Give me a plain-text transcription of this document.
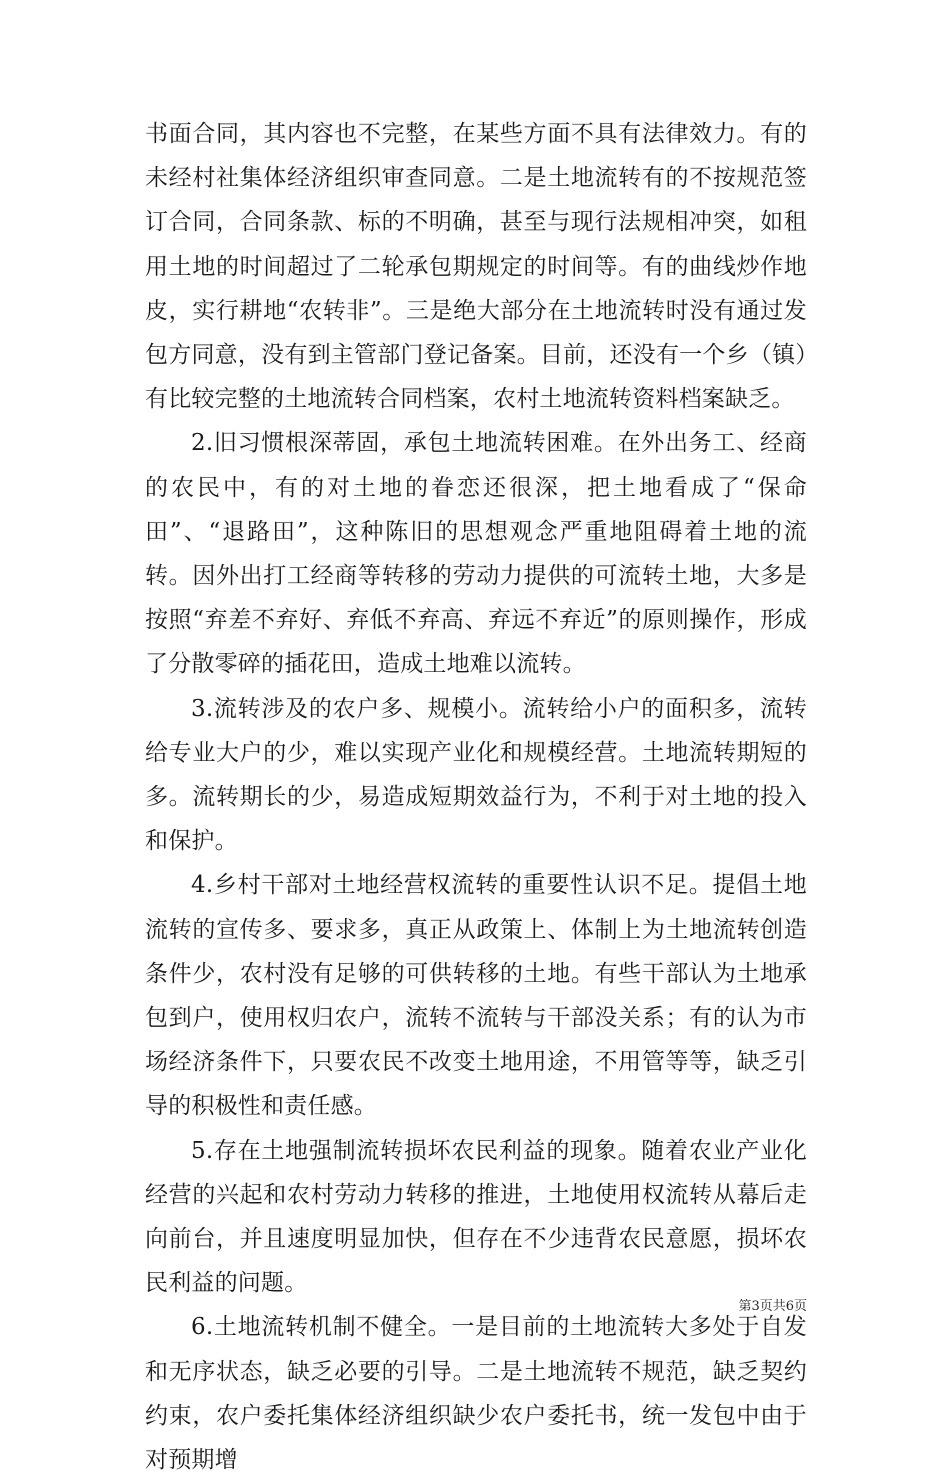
书面合同，其内容也不完整，在某些方面不具有法律效力。有的未经村社集体经济组织审查同意。二是土地流转有的不按规范签订合同，合同条款、标的不明确，甚至与现行法规相冲突，如租用土地的时间超过了二轮承包期规定的时间等。有的曲线炒作地皮，实行耕地“农转非”。三是绝大部分在土地流转时没有通过发包方同意，没有到主管部门登记备案。目前，还没有一个乡（镇）有比较完整的土地流转合同档案，农村土地流转资料档案缺乏。

2.旧习惯根深蒂固，承包土地流转困难。在外出务工、经商的农民中，有的对土地的眷恋还很深，把土地看成了“保命田”、“退路田”，这种陈旧的思想观念严重地阻碍着土地的流转。因外出打工经商等转移的劳动力提供的可流转土地，大多是按照“弃差不弃好、弃低不弃高、弃远不弃近”的原则操作，形成了分散零碎的插花田，造成土地难以流转。

3.流转涉及的农户多、规模小。流转给小户的面积多，流转给专业大户的少，难以实现产业化和规模经营。土地流转期短的多。流转期长的少，易造成短期效益行为，不利于对土地的投入和保护。

4.乡村干部对土地经营权流转的重要性认识不足。提倡土地流转的宣传多、要求多，真正从政策上、体制上为土地流转创造条件少，农村没有足够的可供转移的土地。有些干部认为土地承包到户，使用权归农户，流转不流转与干部没关系；有的认为市场经济条件下，只要农民不改变土地用途，不用管等等，缺乏引导的积极性和责任感。

5.存在土地强制流转损坏农民利益的现象。随着农业产业化经营的兴起和农村劳动力转移的推进，土地使用权流转从幕后走向前台，并且速度明显加快，但存在不少违背农民意愿，损坏农民利益的问题。

6.土地流转机制不健全。一是目前的土地流转大多处于自发和无序状态，缺乏必要的引导。二是土地流转不规范，缺乏契约约束，农户委托集体经济组织缺少农户委托书，统一发包中由于对预期增

第3页共6页
